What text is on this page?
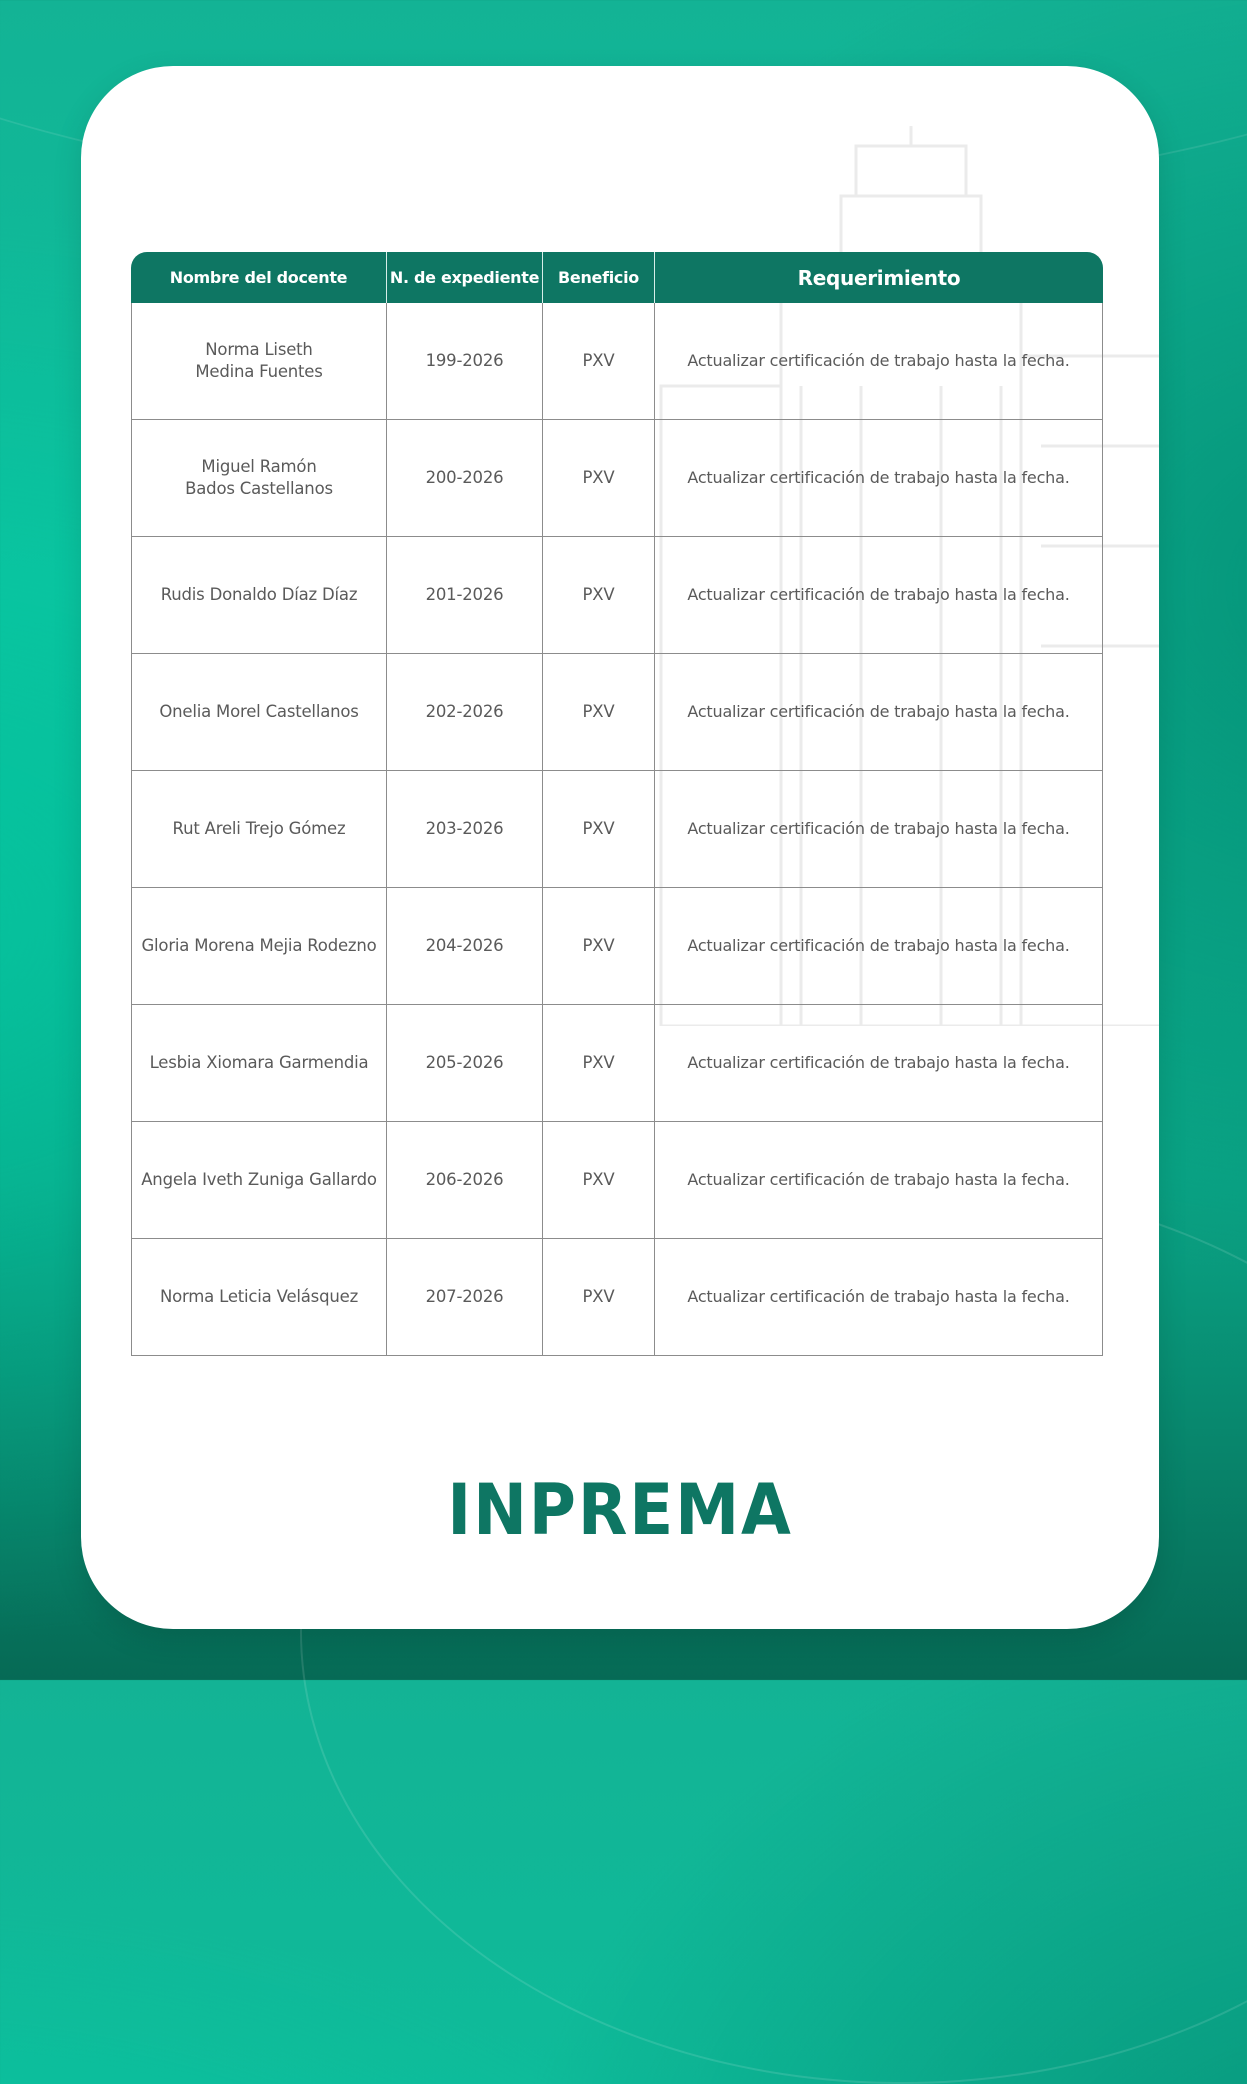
Nombre del docente	N. de expediente	Beneficio	Requerimiento

Norma Liseth
Medina Fuentes	199-2026	PXV	Actualizar certificación de trabajo hasta la fecha.

Miguel Ramón
Bados Castellanos	200-2026	PXV	Actualizar certificación de trabajo hasta la fecha.
Rudis Donaldo Díaz Díaz	201-2026	PXV	Actualizar certificación de trabajo hasta la fecha.
Onelia Morel Castellanos	202-2026	PXV	Actualizar certificación de trabajo hasta la fecha.
Rut Areli Trejo Gómez	203-2026	PXV	Actualizar certificación de trabajo hasta la fecha.
Gloria Morena Mejia Rodezno	204-2026	PXV	Actualizar certificación de trabajo hasta la fecha.
Lesbia Xiomara Garmendia	205-2026	PXV	Actualizar certificación de trabajo hasta la fecha.
Angela Iveth Zuniga Gallardo	206-2026	PXV	Actualizar certificación de trabajo hasta la fecha.
Norma Leticia Velásquez	207-2026	PXV	Actualizar certificación de trabajo hasta la fecha.
INPREMA
